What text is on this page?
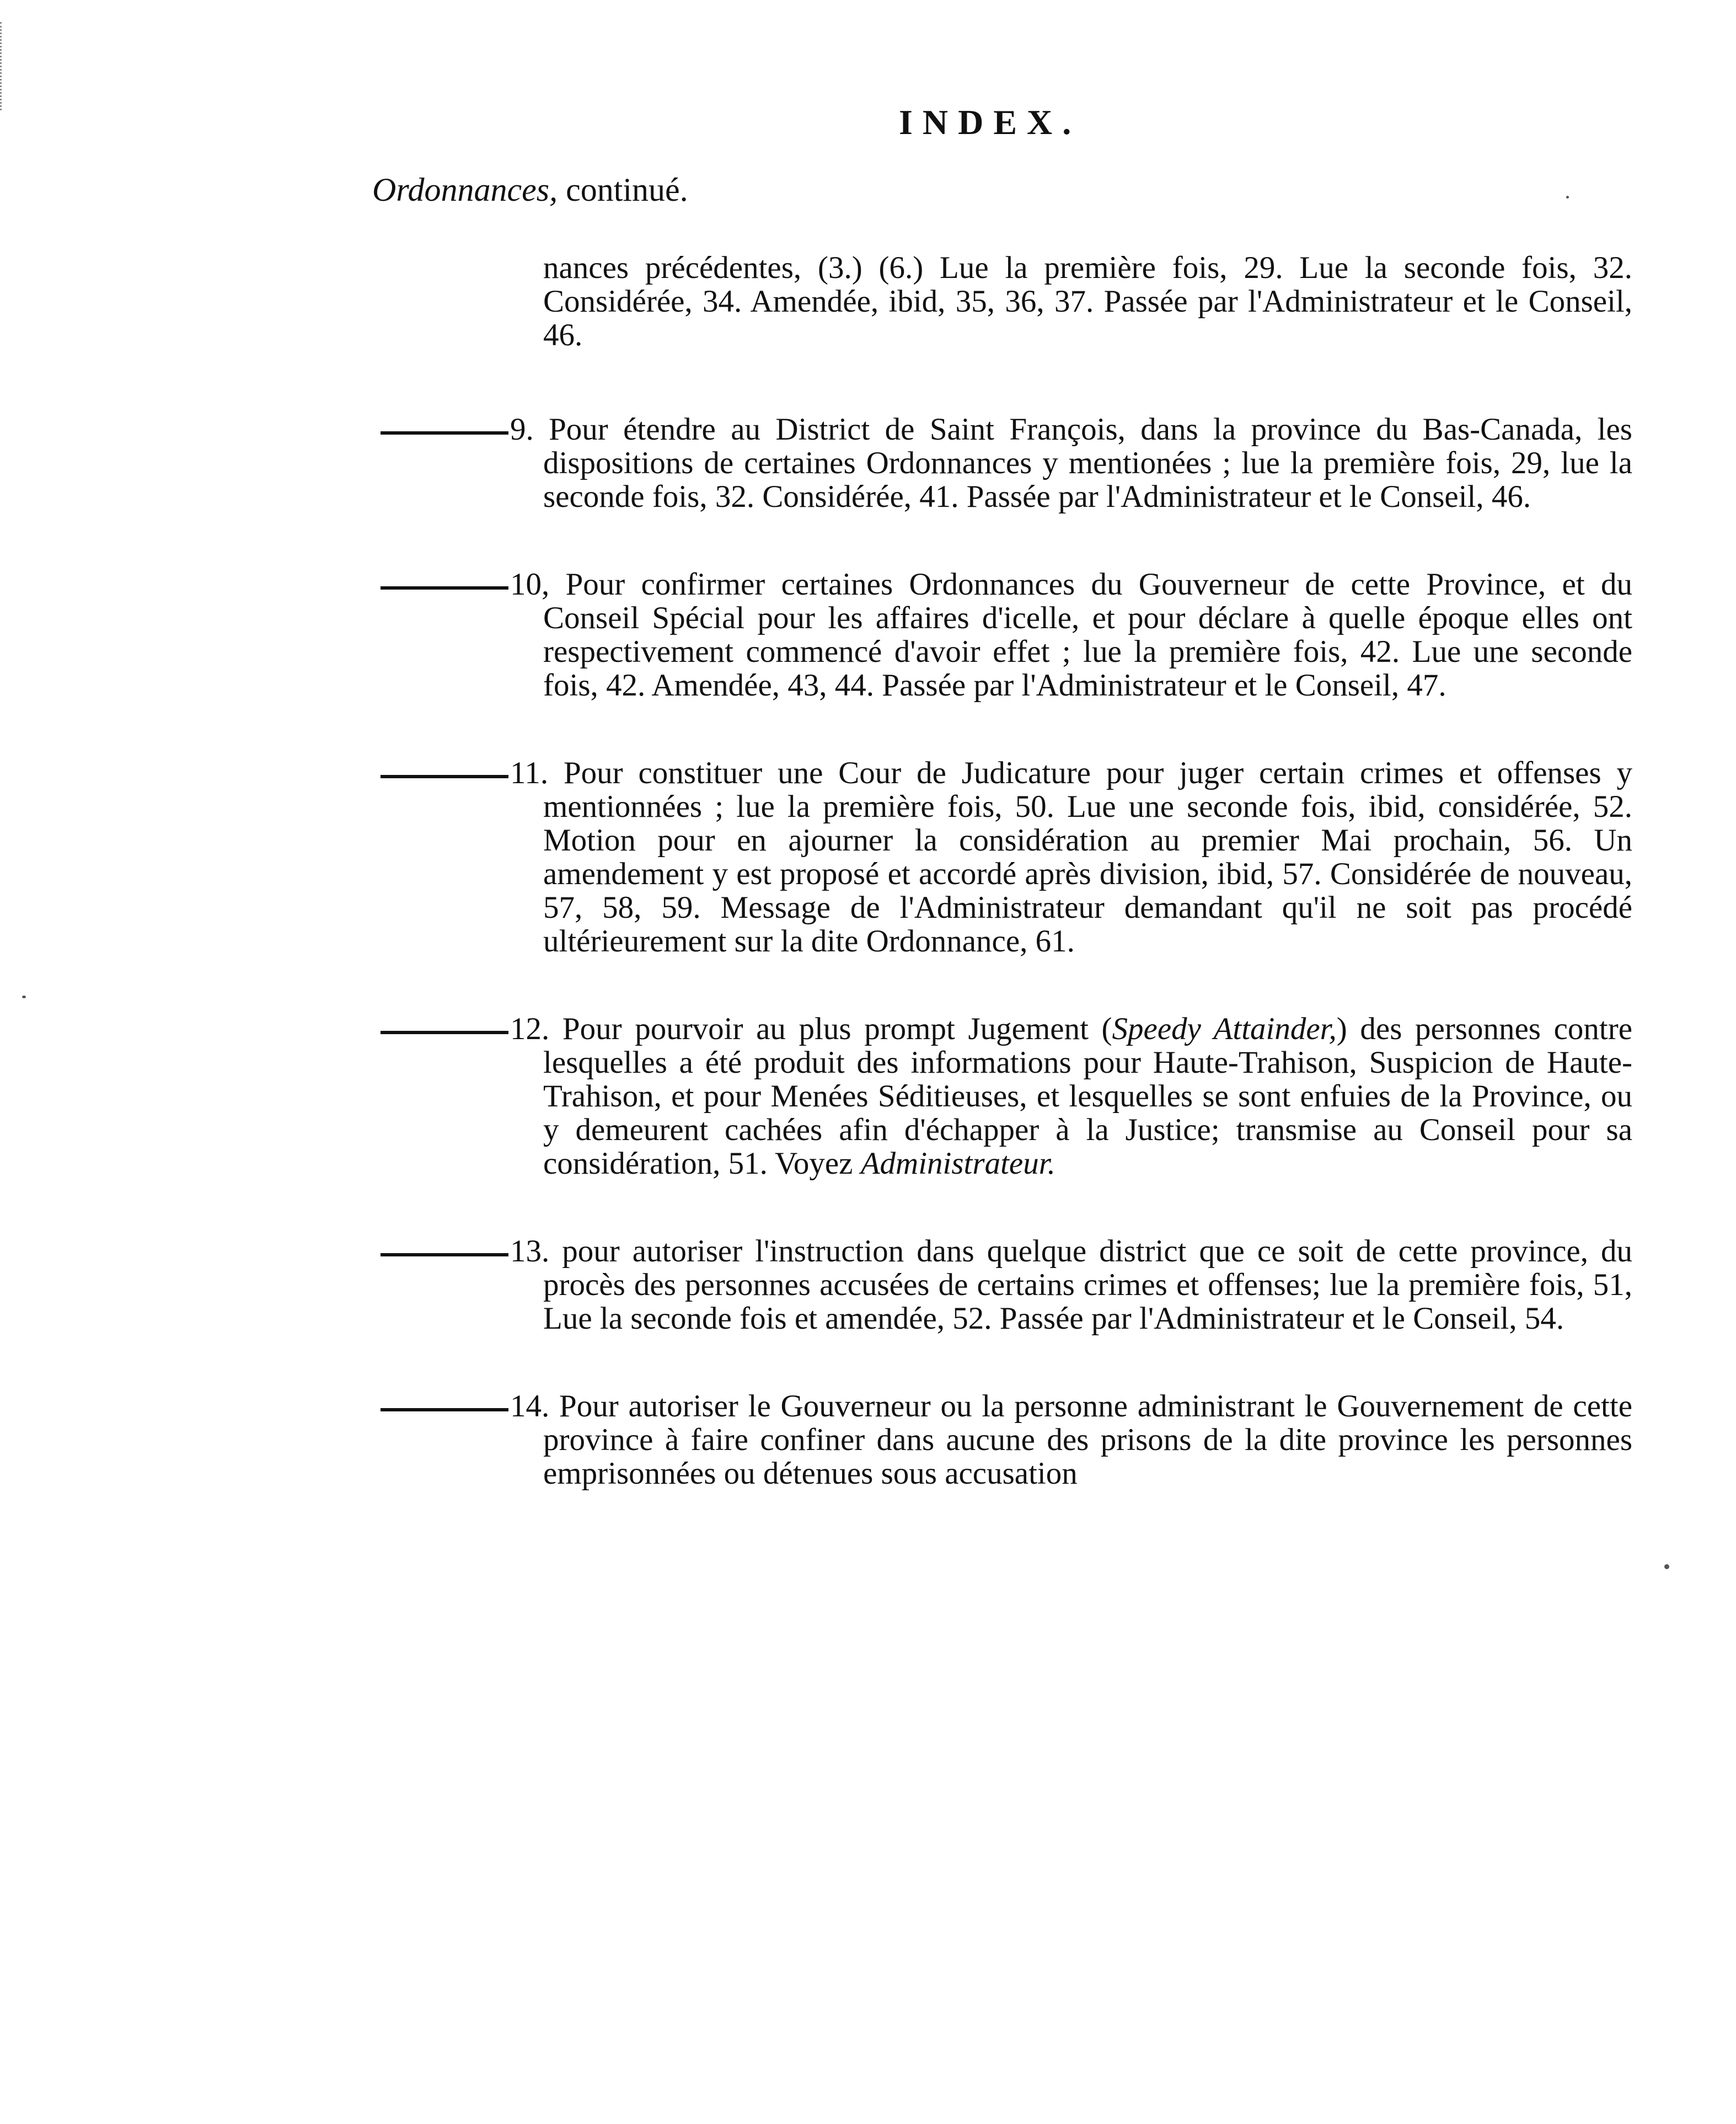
INDEX.
Ordonnances, continué.
nances précédentes, (3.) (6.) Lue la première fois, 29. Lue la seconde fois, 32. Considérée, 34. Amendée, ibid, 35, 36, 37. Passée par l'Administrateur et le Conseil, 46.
9. Pour étendre au District de Saint François, dans la province du Bas-Canada, les dispositions de certaines Ordonnances y mentionées ; lue la première fois, 29, lue la seconde fois, 32. Considérée, 41. Passée par l'Administrateur et le Conseil, 46.
10, Pour confirmer certaines Ordonnances du Gouverneur de cette Province, et du Conseil Spécial pour les affaires d'icelle, et pour déclare à quelle époque elles ont respectivement commencé d'avoir effet ; lue la première fois, 42. Lue une seconde fois, 42. Amendée, 43, 44. Passée par l'Administrateur et le Conseil, 47.
11. Pour constituer une Cour de Judicature pour juger certain crimes et offenses y mentionnées ; lue la première fois, 50. Lue une seconde fois, ibid, considérée, 52. Motion pour en ajourner la considération au premier Mai prochain, 56. Un amendement y est proposé et accordé après division, ibid, 57. Considérée de nouveau, 57, 58, 59. Message de l'Administrateur demandant qu'il ne soit pas procédé ultérieurement sur la dite Ordonnance, 61.
12. Pour pourvoir au plus prompt Jugement (Speedy Attainder,) des personnes contre lesquelles a été produit des informations pour Haute-Trahison, Suspicion de Haute-Trahison, et pour Menées Séditieuses, et lesquelles se sont enfuies de la Province, ou y demeurent cachées afin d'échapper à la Justice; transmise au Conseil pour sa considération, 51. Voyez Administrateur.
13. pour autoriser l'instruction dans quelque district que ce soit de cette province, du procès des personnes accusées de certains crimes et offenses; lue la première fois, 51, Lue la seconde fois et amendée, 52. Passée par l'Administrateur et le Conseil, 54.
14. Pour autoriser le Gouverneur ou la personne administrant le Gouvernement de cette province à faire confiner dans aucune des prisons de la dite province les personnes emprisonnées ou détenues sous accusation
